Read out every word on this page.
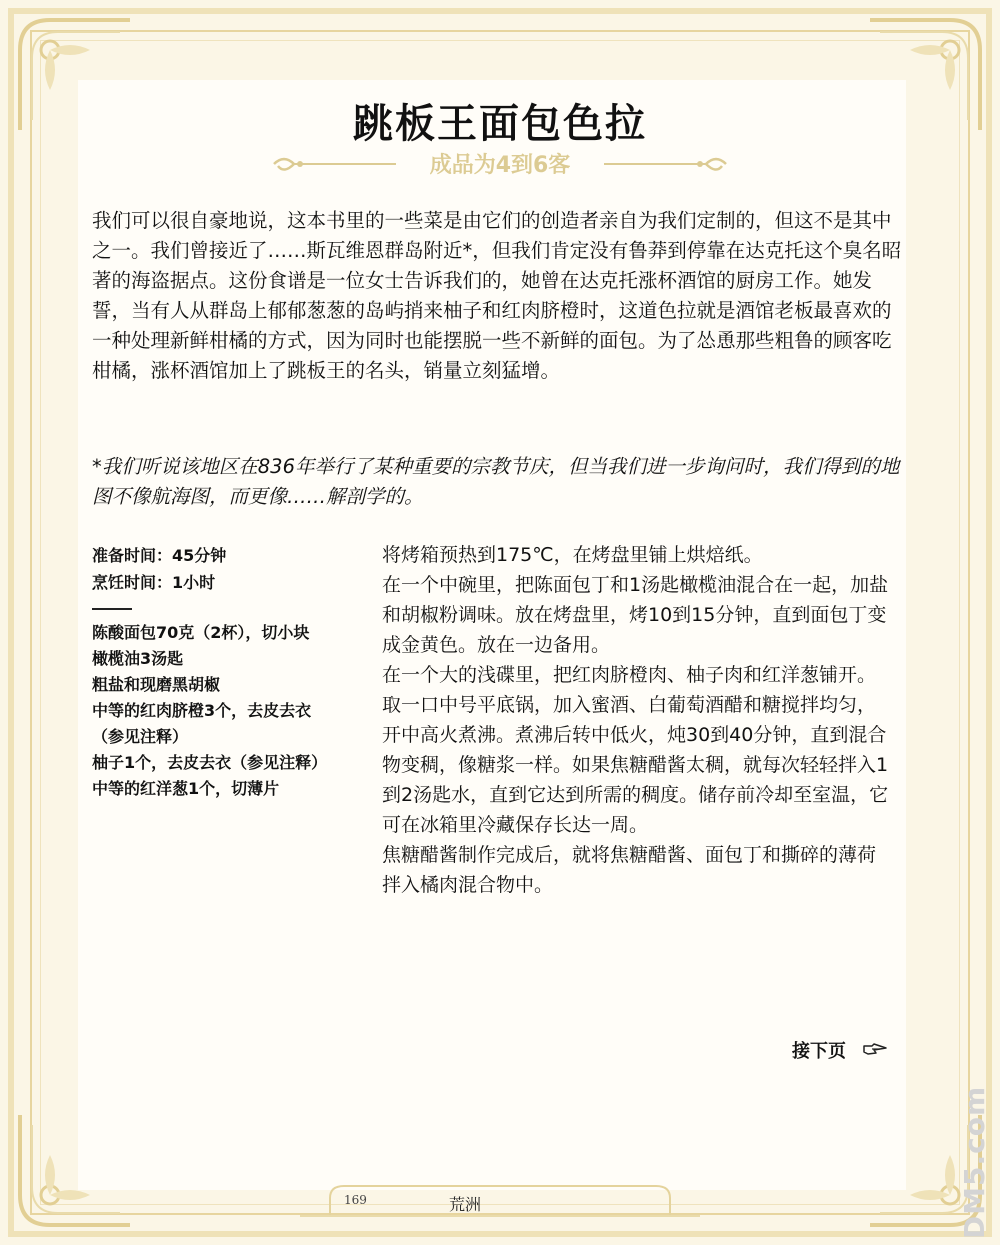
跳板王面包色拉
成品为4到6客

我们可以很自豪地说，这本书里的一些菜是由它们的创造者亲自为我们定制的，但这不是其中之一。我们曾接近了……斯瓦维恩群岛附近*，但我们肯定没有鲁莽到停靠在达克托这个臭名昭著的海盗据点。这份食谱是一位女士告诉我们的，她曾在达克托涨杯酒馆的厨房工作。她发誓，当有人从群岛上郁郁葱葱的岛屿捎来柚子和红肉脐橙时，这道色拉就是酒馆老板最喜欢的一种处理新鲜柑橘的方式，因为同时也能摆脱一些不新鲜的面包。为了怂恿那些粗鲁的顾客吃柑橘，涨杯酒馆加上了跳板王的名头，销量立刻猛增。

*我们听说该地区在836年举行了某种重要的宗教节庆，但当我们进一步询问时，我们得到的地图不像航海图，而更像……解剖学的。

准备时间：45分钟
烹饪时间：1小时
陈酸面包70克（2杯），切小块
橄榄油3汤匙
粗盐和现磨黑胡椒
中等的红肉脐橙3个，去皮去衣（参见注释）
柚子1个，去皮去衣（参见注释）
中等的红洋葱1个，切薄片
将烤箱预热到175℃，在烤盘里铺上烘焙纸。
在一个中碗里，把陈面包丁和1汤匙橄榄油混合在一起，加盐和胡椒粉调味。放在烤盘里，烤10到15分钟，直到面包丁变成金黄色。放在一边备用。
在一个大的浅碟里，把红肉脐橙肉、柚子肉和红洋葱铺开。
取一口中号平底锅，加入蜜酒、白葡萄酒醋和糖搅拌均匀，开中高火煮沸。煮沸后转中低火，炖30到40分钟，直到混合物变稠，像糖浆一样。如果焦糖醋酱太稠，就每次轻轻拌入1到2汤匙水，直到它达到所需的稠度。储存前冷却至室温，它可在冰箱里冷藏保存长达一周。
焦糖醋酱制作完成后，就将焦糖醋酱、面包丁和撕碎的薄荷拌入橘肉混合物中。
接下页
169	荒洲	DM5.com
